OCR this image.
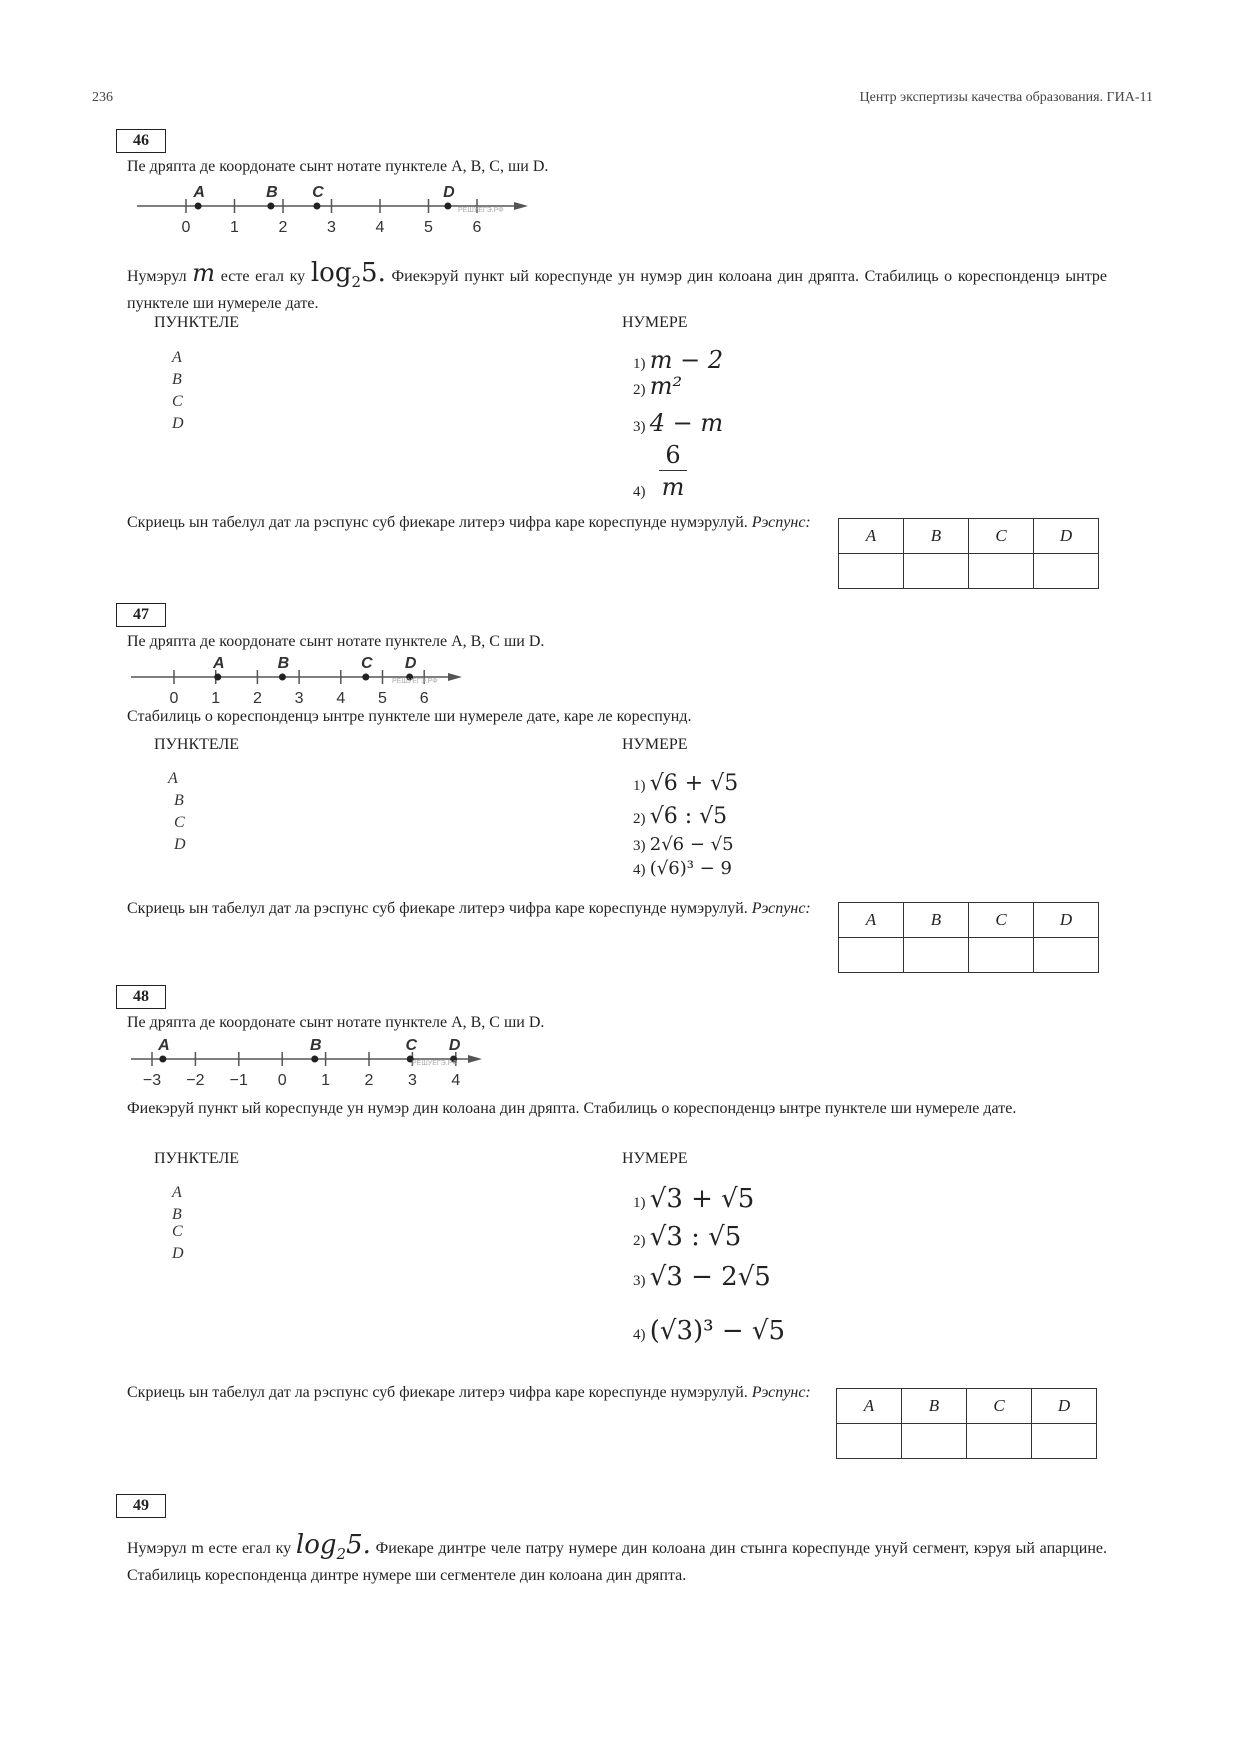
236	Центр экспертизы качества образования. ГИА-11
46
Пе дряпта де коордонате сынт нотате пунктеле A, B, C, ши D.
0 1 2 3 4 5 6
A	B C	D
РЕШУЕГЭ.РФ
Нумэрул m есте егал ку $\log_25$. Фиекэруй пункт ый кореспунде ун нумэр дин колоана дин дряпта. Стабилиць о кореспонденцэ ынтре пунктеле ши нумереле дате.
ПУНКТЕЛЕ	НУМЕРЕ
A
B
C
D
1) m − 2
2) m²
3) 4 − m
4)
6
m
Скриець ын табелул дат ла рэспунс суб фиекаре литерэ чифра каре кореспунде нумэрулуй. Рэспунс:
A	B	C	D

47
Пе дряпта де коордонате сынт нотате пунктеле A, B, C ши D.
0 1 2 3 4 5 6
A	B	C D
РЕШУЕГЭ.РФ
Стабилиць о кореспонденцэ ынтре пунктеле ши нумереле дате, каре ле кореспунд.
ПУНКТЕЛЕ	НУМЕРЕ
A
B
C
D
1) √6 + √5
2) √6 : √5
3) 2√6 − √5
4) (√6)³ − 9
Скриець ын табелул дат ла рэспунс суб фиекаре литерэ чифра каре кореспунде нумэрулуй. Рэспунс:
A	B	C	D

48
Пе дряпта де коордонате сынт нотате пунктеле A, B, C ши D.
−3 −2 −1 0 1 2 3 4
A	B	C D
РЕШУЕГЭ.РФ
Фиекэруй пункт ый кореспунде ун нумэр дин колоана дин дряпта. Стабилиць о кореспонденцэ ынтре пунктеле ши нумереле дате.
ПУНКТЕЛЕ	НУМЕРЕ
A
B
C
D
1) √3 + √5
2) √3 : √5
3) √3 − 2√5
4) (√3)³ − √5
Скриець ын табелул дат ла рэспунс суб фиекаре литерэ чифра каре кореспунде нумэрулуй. Рэспунс:
A	B	C	D

49
Нумэрул m есте егал ку $\log_25$. Фиекаре динтре челе патру нумере дин колоана дин стынга кореспунде унуй сегмент, кэруя ый апарцине. Стабилиць кореспонденца динтре нумере ши сегментеле дин колоана дин дряпта.
